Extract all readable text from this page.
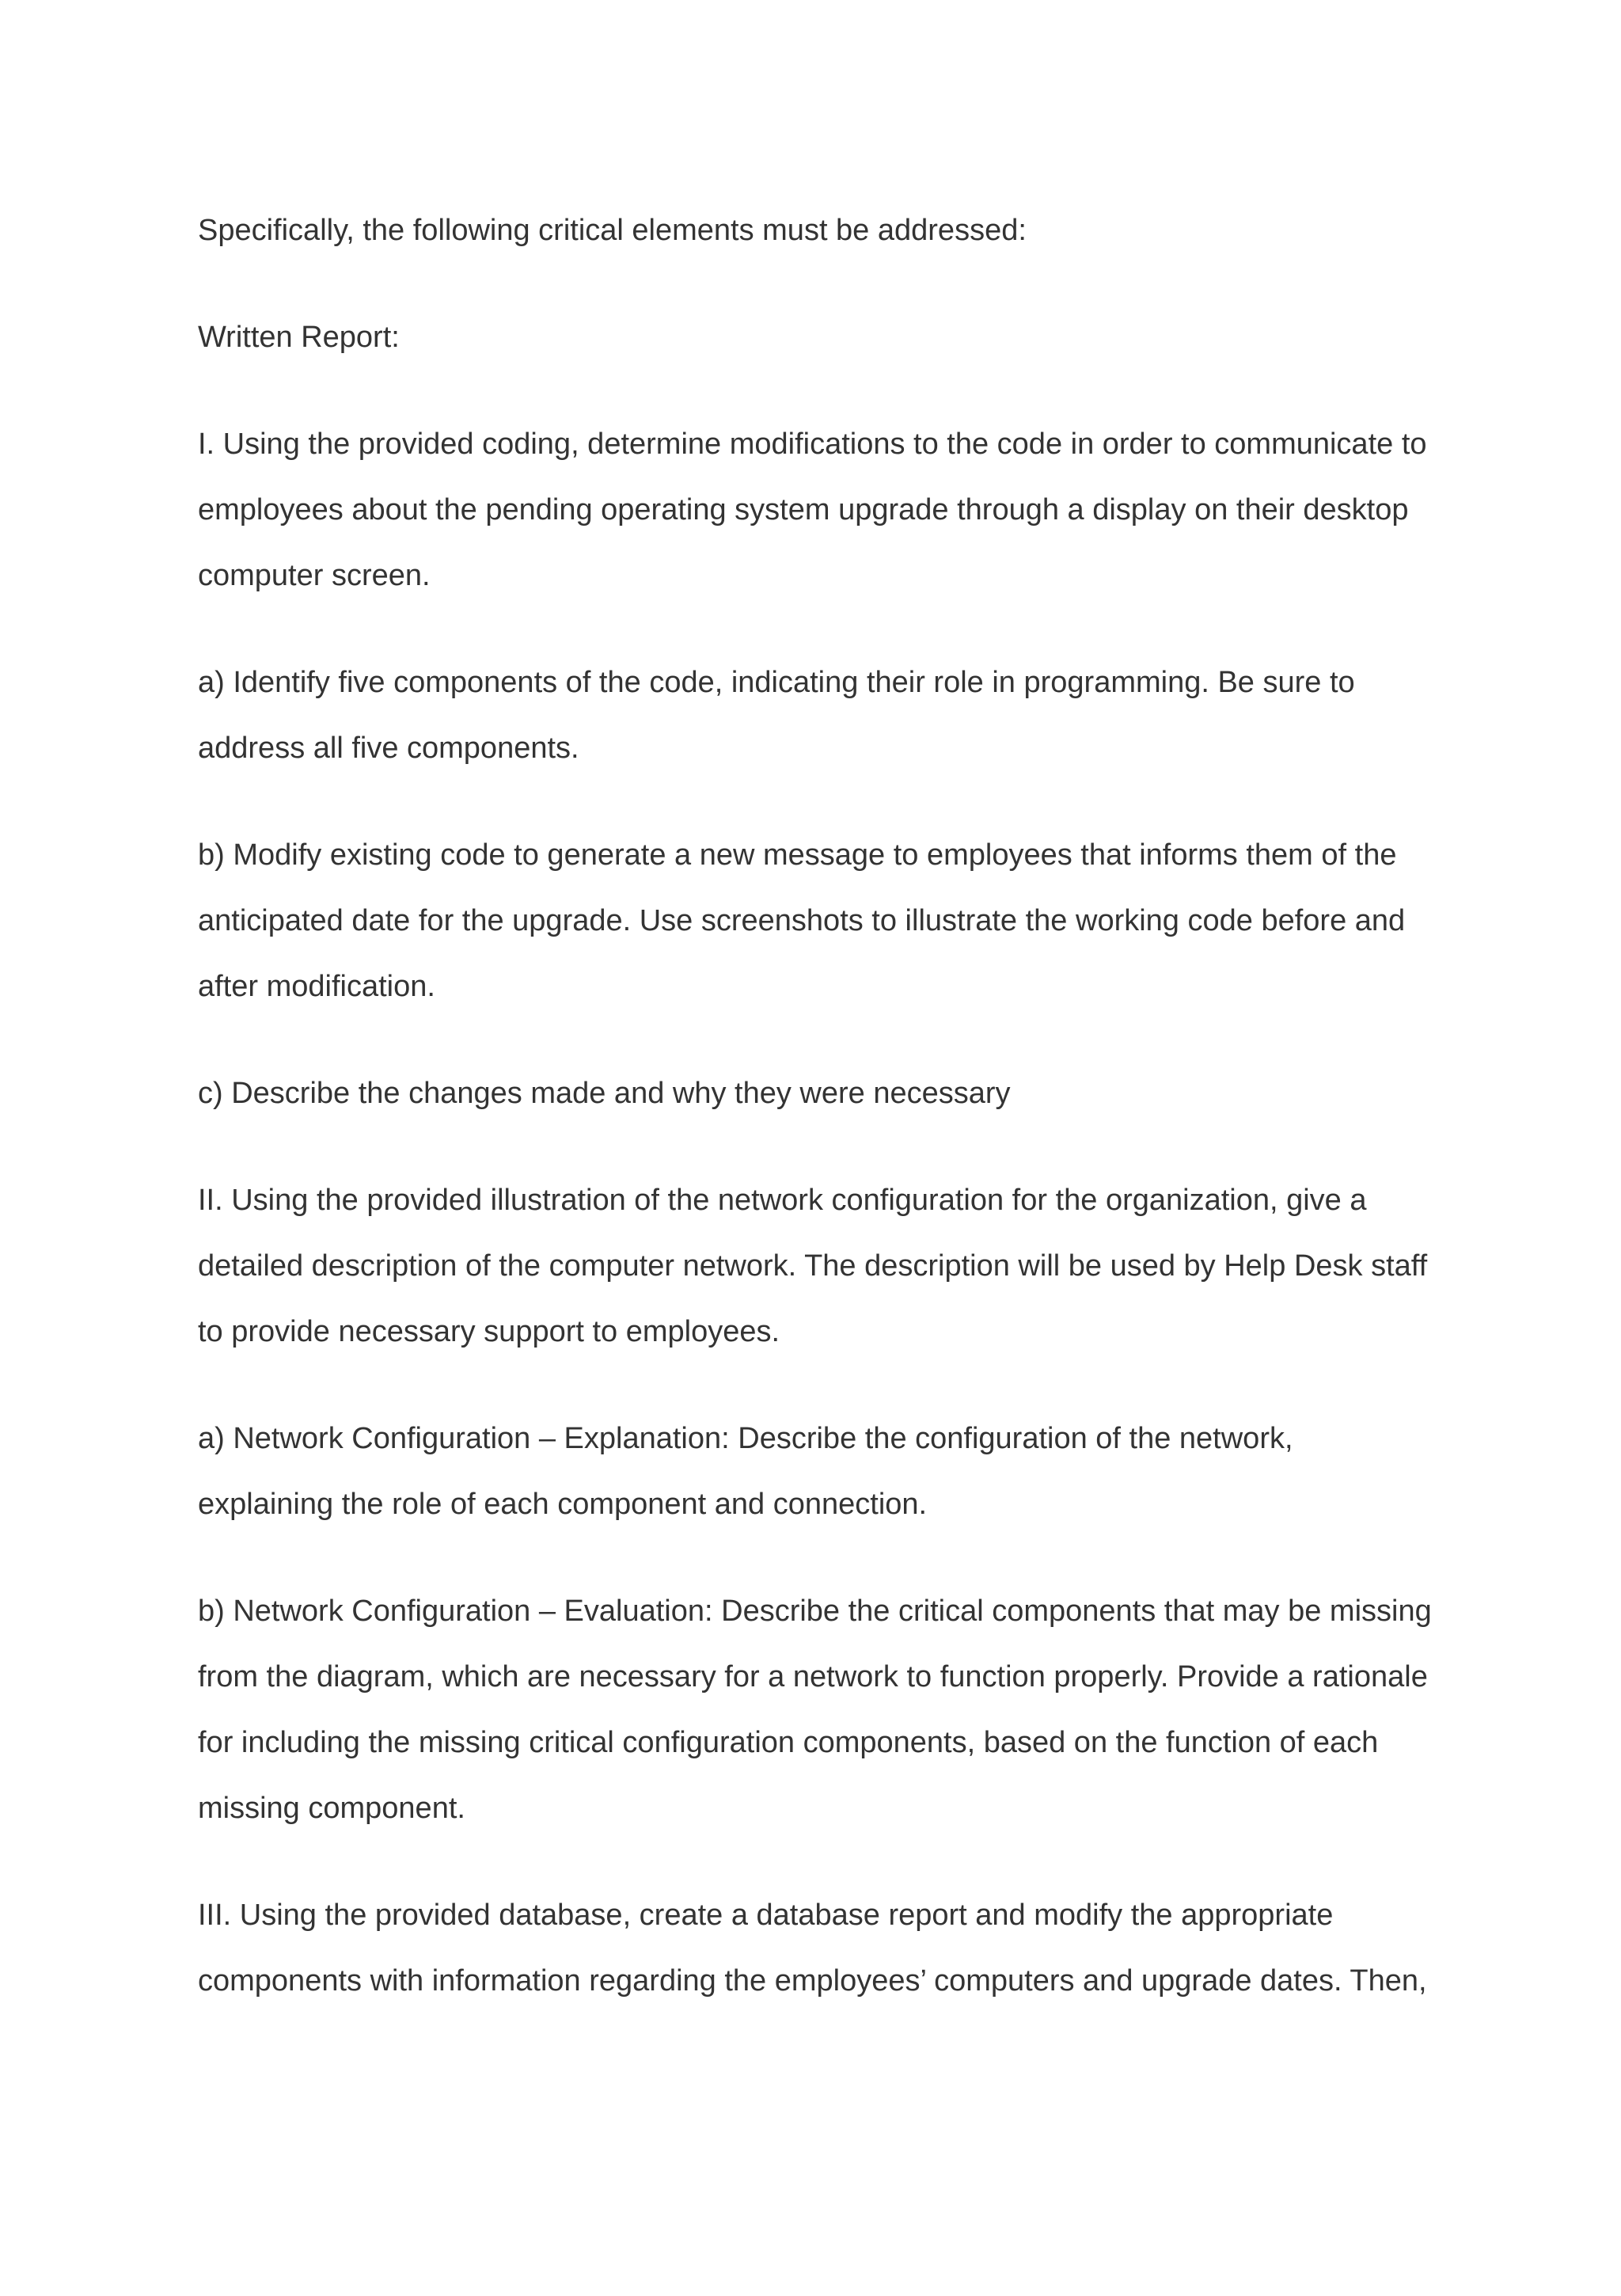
Specifically, the following critical elements must be addressed:

Written Report:

I. Using the provided coding, determine modifications to the code in order to communicate to
employees about the pending operating system upgrade through a display on their desktop
computer screen.

a) Identify five components of the code, indicating their role in programming. Be sure to
address all five components.

b) Modify existing code to generate a new message to employees that informs them of the
anticipated date for the upgrade. Use screenshots to illustrate the working code before and
after modification.

c) Describe the changes made and why they were necessary

II. Using the provided illustration of the network configuration for the organization, give a
detailed description of the computer network. The description will be used by Help Desk staff
to provide necessary support to employees.

a) Network Configuration – Explanation: Describe the configuration of the network,
explaining the role of each component and connection.

b) Network Configuration – Evaluation: Describe the critical components that may be missing
from the diagram, which are necessary for a network to function properly. Provide a rationale
for including the missing critical configuration components, based on the function of each
missing component.

III. Using the provided database, create a database report and modify the appropriate
components with information regarding the employees’ computers and upgrade dates. Then,
